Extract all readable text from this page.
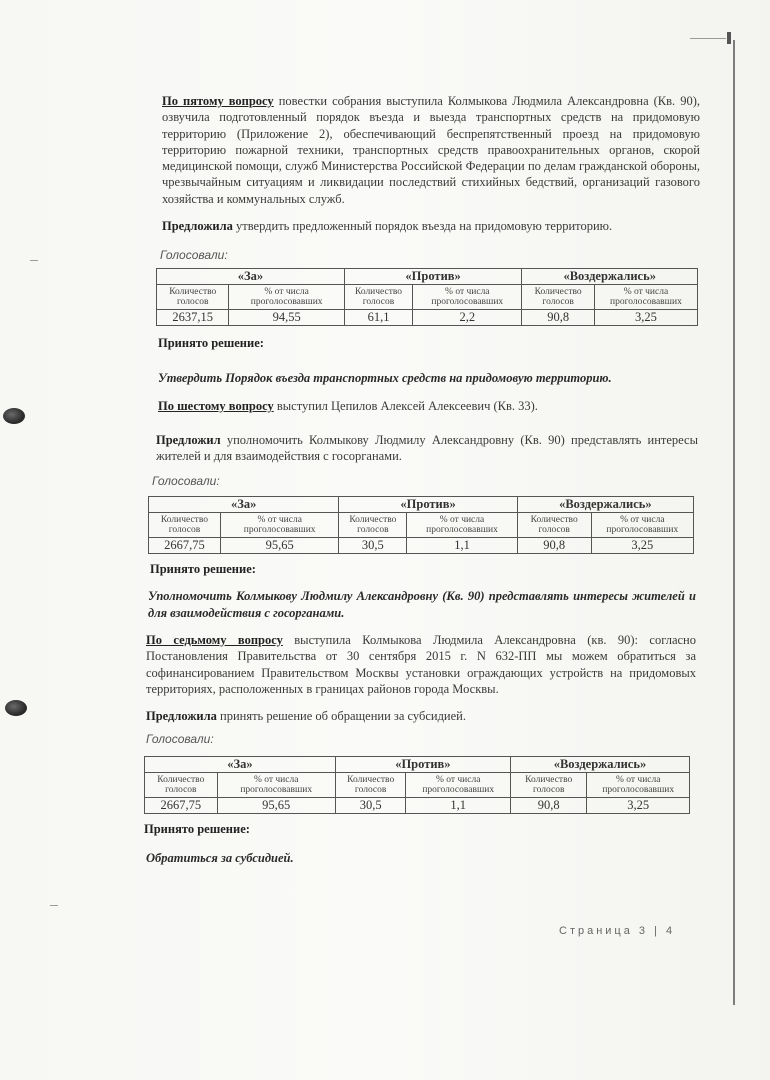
По пятому вопросу повестки собрания выступила Колмыкова Людмила Александровна (Кв. 90), озвучила подготовленный порядок въезда и выезда транспортных средств на придомовую территорию (Приложение 2), обеспечивающий беспрепятственный проезд на придомовую территорию пожарной техники, транспортных средств правоохранительных органов, скорой медицинской помощи, служб Министерства Российской Федерации по делам гражданской обороны, чрезвычайным ситуациям и ликвидации последствий стихийных бедствий, организаций газового хозяйства и коммунальных служб.

Предложила утвердить предложенный порядок въезда на придомовую территорию.

Голосовали:
«За»		«Против»		«Воздержались»	
Количество голосов	% от числа проголосовавших	Количество голосов	% от числа проголосовавших	Количество голосов	% от числа проголосовавших
2637,15	94,55	61,1	2,2	90,8	3,25
Принято решение:

Утвердить Порядок въезда транспортных средств на придомовую территорию.

По шестому вопросу выступил Цепилов Алексей Алексеевич (Кв. 33).

Предложил уполномочить Колмыкову Людмилу Александровну (Кв. 90) представлять интересы жителей и для взаимодействия с госорганами.

Голосовали:
«За»		«Против»		«Воздержались»	
Количество голосов	% от числа проголосовавших	Количество голосов	% от числа проголосовавших	Количество голосов	% от числа проголосовавших
2667,75	95,65	30,5	1,1	90,8	3,25
Принято решение:

Уполномочить Колмыкову Людмилу Александровну (Кв. 90) представлять интересы жителей и для взаимодействия с госорганами.

По седьмому вопросу выступила Колмыкова Людмила Александровна (кв. 90): согласно Постановления Правительства от 30 сентября 2015 г. N 632-ПП мы можем обратиться за софинансированием Правительством Москвы установки ограждающих устройств на придомовых территориях, расположенных в границах районов города Москвы.

Предложила принять решение об обращении за субсидией.

Голосовали:
«За»		«Против»		«Воздержались»	
Количество голосов	% от числа проголосовавших	Количество голосов	% от числа проголосовавших	Количество голосов	% от числа проголосовавших
2667,75	95,65	30,5	1,1	90,8	3,25
Принято решение:

Обратиться за субсидией.

Страница 3 | 4
